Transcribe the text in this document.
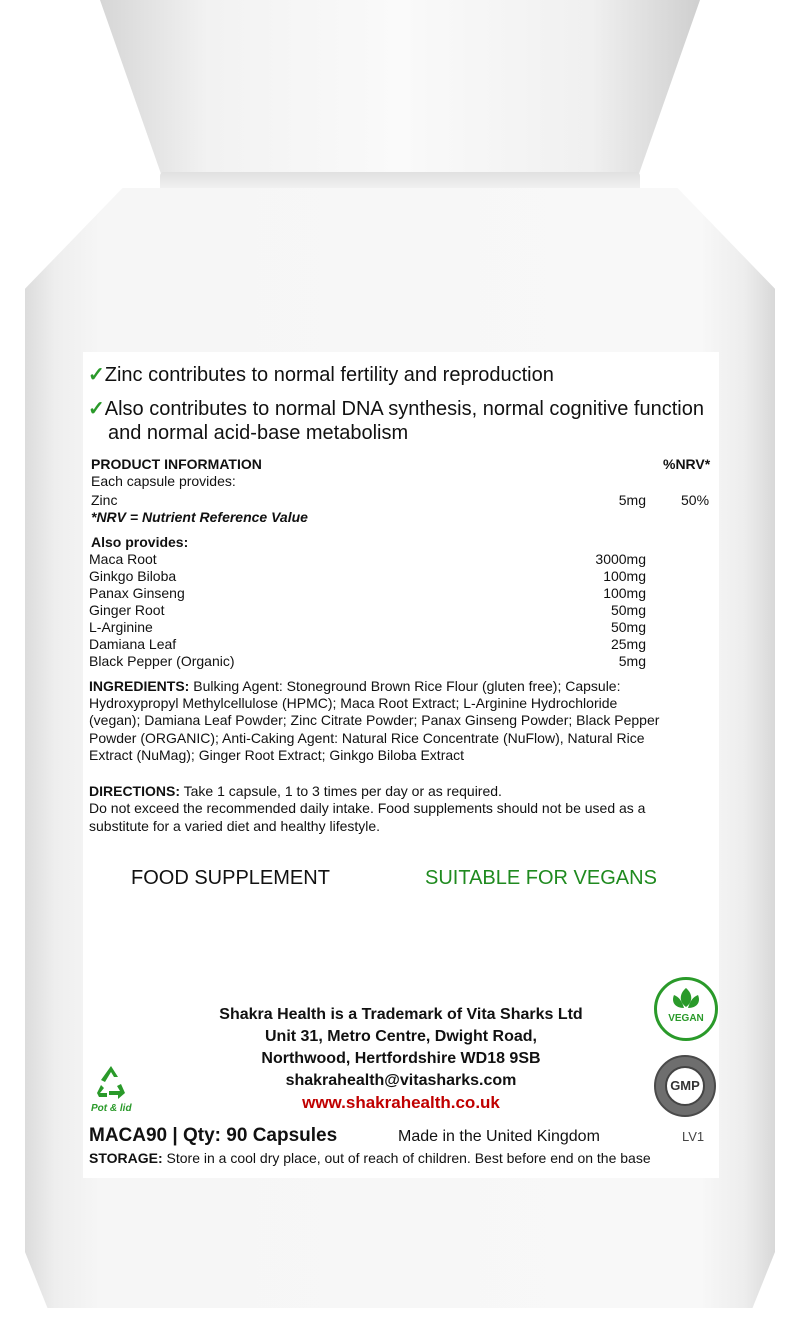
✓Zinc contributes to normal fertility and reproduction
✓Also contributes to normal DNA synthesis, normal cognitive function
and normal acid-base metabolism
PRODUCT INFORMATION	%NRV*
Each capsule provides:
Zinc	5mg	50%
*NRV = Nutrient Reference Value
Also provides:
Maca Root	3000mg
Ginkgo Biloba	100mg
Panax Ginseng	100mg
Ginger Root	50mg
L-Arginine	50mg
Damiana Leaf	25mg
Black Pepper (Organic)	5mg
INGREDIENTS: Bulking Agent: Stoneground Brown Rice Flour (gluten free); Capsule:
Hydroxypropyl Methylcellulose (HPMC); Maca Root Extract; L-Arginine Hydrochloride
(vegan); Damiana Leaf Powder; Zinc Citrate Powder; Panax Ginseng Powder; Black Pepper
Powder (ORGANIC); Anti-Caking Agent: Natural Rice Concentrate (NuFlow), Natural Rice
Extract (NuMag); Ginger Root Extract; Ginkgo Biloba Extract
DIRECTIONS: Take 1 capsule, 1 to 3 times per day or as required.
Do not exceed the recommended daily intake. Food supplements should not be used as a
substitute for a varied diet and healthy lifestyle.
FOOD SUPPLEMENT	SUITABLE FOR VEGANS
Shakra Health is a Trademark of Vita Sharks Ltd
Unit 31, Metro Centre, Dwight Road,
Northwood, Hertfordshire WD18 9SB
shakrahealth@vitasharks.com
www.shakrahealth.co.uk
Pot & lid
VEGAN
GMP
MACA90 | Qty: 90 Capsules	Made in the United Kingdom	LV1
STORAGE: Store in a cool dry place, out of reach of children. Best before end on the base
